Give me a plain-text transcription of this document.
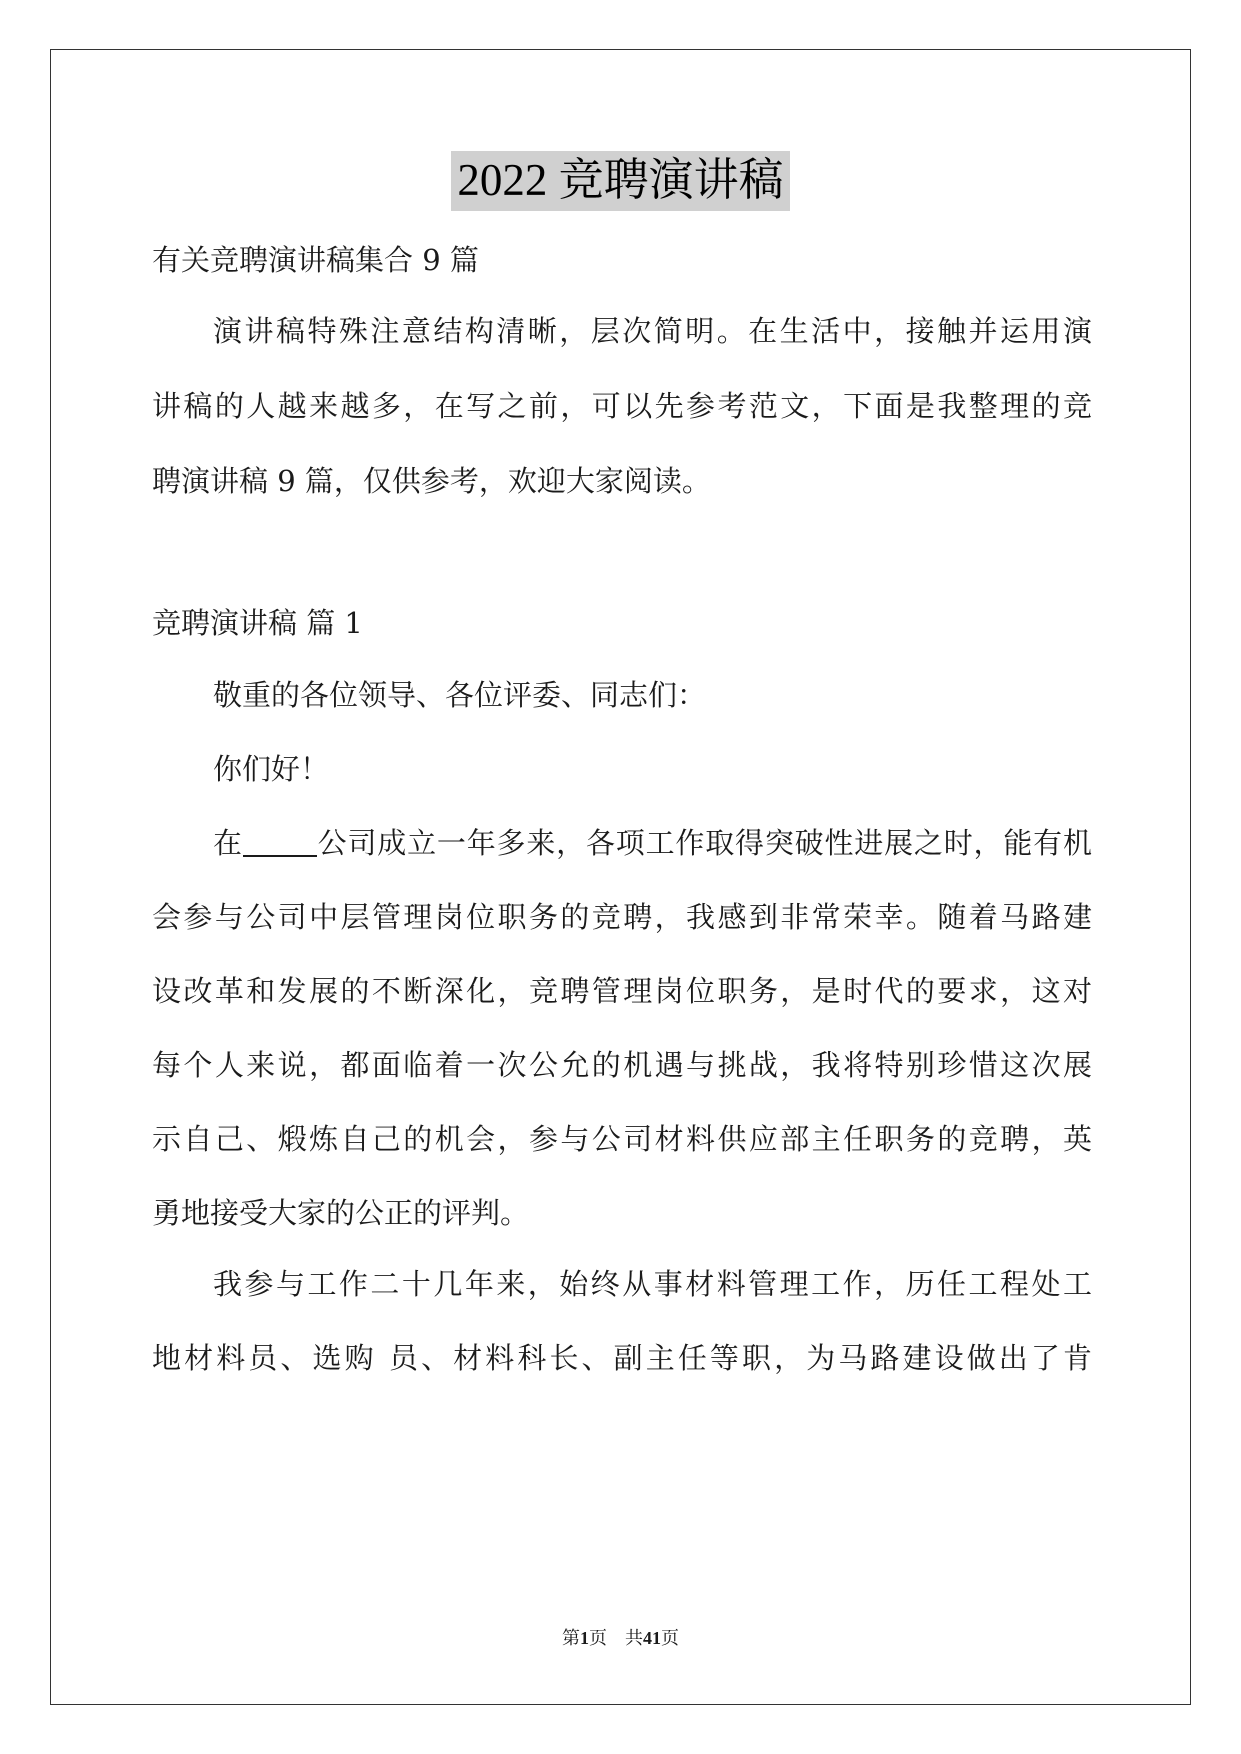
2022 竞聘演讲稿
有关竞聘演讲稿集合 9 篇
演讲稿特殊注意结构清晰，层次简明。在生活中，接触并运用演
讲稿的人越来越多，在写之前，可以先参考范文，下面是我整理的竞
聘演讲稿 9 篇，仅供参考，欢迎大家阅读。
竞聘演讲稿 篇 1
敬重的各位领导、各位评委、同志们：
你们好！
在	公司成立一年多来，各项工作取得突破性进展之时，能有机
会参与公司中层管理岗位职务的竞聘，我感到非常荣幸。随着马路建
设改革和发展的不断深化，竞聘管理岗位职务，是时代的要求，这对
每个人来说，都面临着一次公允的机遇与挑战，我将特别珍惜这次展
示自己、煅炼自己的机会，参与公司材料供应部主任职务的竞聘，英
勇地接受大家的公正的评判。
我参与工作二十几年来，始终从事材料管理工作，历任工程处工
地材料员、选购 员、材料科长、副主任等职，为马路建设做出了肯
第1页 共41页
